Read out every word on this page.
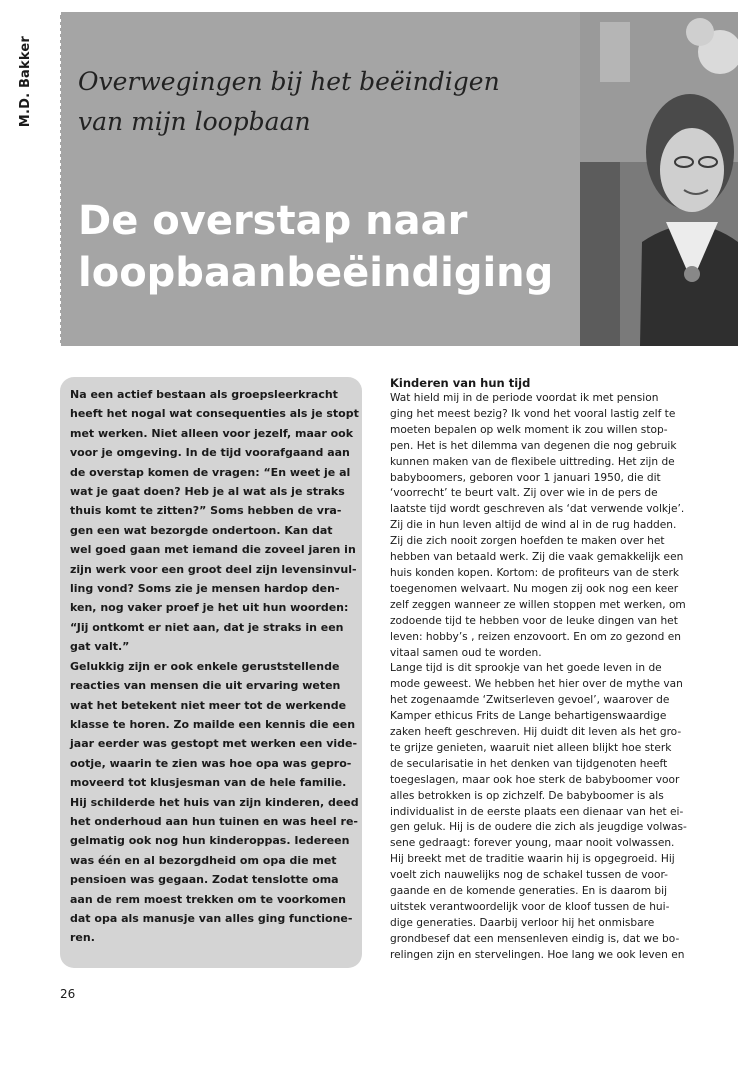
M.D. Bakker Overwegingen bij het beëindigen
van mijn loopbaan
De overstap naar
loopbaanbeëindiging
Na een actief bestaan als groepsleerkracht
heeft het nogal wat consequenties als je stopt
met werken. Niet alleen voor jezelf, maar ook
voor je omgeving. In de tijd voorafgaand aan
de overstap komen de vragen: “En weet je al
wat je gaat doen? Heb je al wat als je straks
thuis komt te zitten?” Soms hebben de vra-
gen een wat bezorgde ondertoon. Kan dat
wel goed gaan met iemand die zoveel jaren in
zijn werk voor een groot deel zijn levensinvul-
ling vond? Soms zie je mensen hardop den-
ken, nog vaker proef je het uit hun woorden:
“Jij ontkomt er niet aan, dat je straks in een
gat valt.”
Gelukkig zijn er ook enkele geruststellende
reacties van mensen die uit ervaring weten
wat het betekent niet meer tot de werkende
klasse te horen. Zo mailde een kennis die een
jaar eerder was gestopt met werken een vide-
ootje, waarin te zien was hoe opa was gepro-
moveerd tot klusjesman van de hele familie.
Hij schilderde het huis van zijn kinderen, deed
het onderhoud aan hun tuinen en was heel re-
gelmatig ook nog hun kinderoppas. Iedereen
was één en al bezorgdheid om opa die met
pensioen was gegaan. Zodat tenslotte oma
aan de rem moest trekken om te voorkomen
dat opa als manusje van alles ging functione-
ren.
Kinderen van hun tijd
Wat hield mij in de periode voordat ik met pension
ging het meest bezig? Ik vond het vooral lastig zelf te
moeten bepalen op welk moment ik zou willen stop-
pen. Het is het dilemma van degenen die nog gebruik
kunnen maken van de flexibele uittreding. Het zijn de
babyboomers, geboren voor 1 januari 1950, die dit
‘voorrecht’ te beurt valt. Zij over wie in de pers de
laatste tijd wordt geschreven als ‘dat verwende volkje’.
Zij die in hun leven altijd de wind al in de rug hadden.
Zij die zich nooit zorgen hoefden te maken over het
hebben van betaald werk. Zij die vaak gemakkelijk een
huis konden kopen. Kortom: de profiteurs van de sterk
toegenomen welvaart. Nu mogen zij ook nog een keer
zelf zeggen wanneer ze willen stoppen met werken, om
zodoende tijd te hebben voor de leuke dingen van het
leven: hobby’s , reizen enzovoort. En om zo gezond en
vitaal samen oud te worden.
Lange tijd is dit sprookje van het goede leven in de
mode geweest. We hebben het hier over de mythe van
het zogenaamde ‘Zwitserleven gevoel’, waarover de
Kamper ethicus Frits de Lange behartigenswaardige
zaken heeft geschreven. Hij duidt dit leven als het gro-
te grijze genieten, waaruit niet alleen blijkt hoe sterk
de secularisatie in het denken van tijdgenoten heeft
toegeslagen, maar ook hoe sterk de babyboomer voor
alles betrokken is op zichzelf. De babyboomer is als
individualist in de eerste plaats een dienaar van het ei-
gen geluk. Hij is de oudere die zich als jeugdige volwas-
sene gedraagt: forever young, maar nooit volwassen.
Hij breekt met de traditie waarin hij is opgegroeid. Hij
voelt zich nauwelijks nog de schakel tussen de voor-
gaande en de komende generaties. En is daarom bij
uitstek verantwoordelijk voor de kloof tussen de hui-
dige generaties. Daarbij verloor hij het onmisbare
grondbesef dat een mensenleven eindig is, dat we bo-
relingen zijn en stervelingen. Hoe lang we ook leven en
26
